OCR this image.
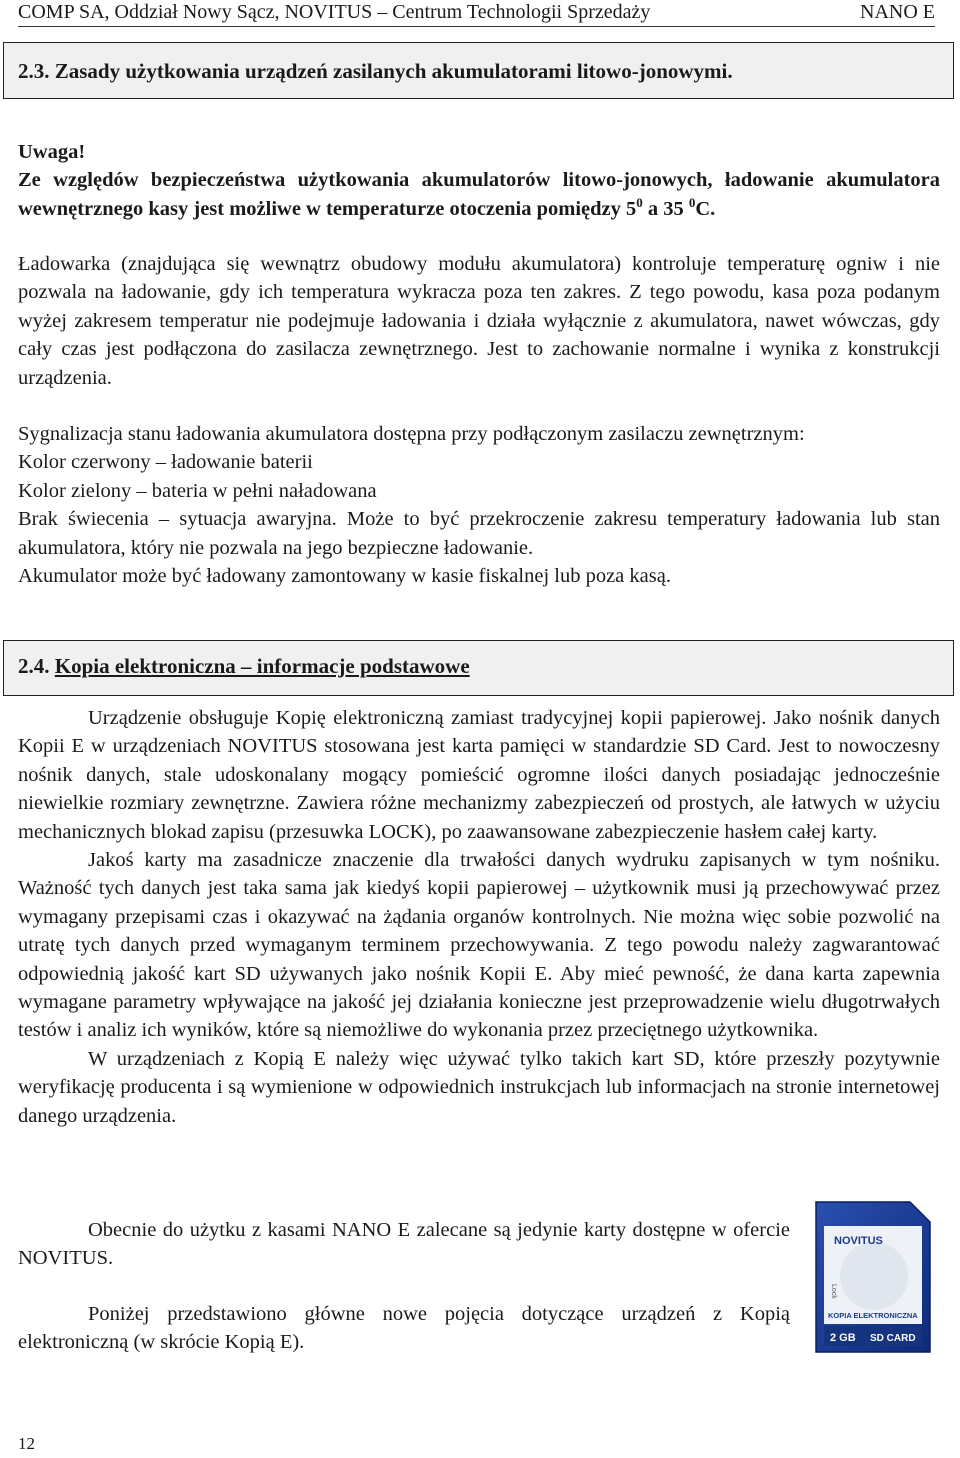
COMP SA, Oddział Nowy Sącz, NOVITUS – Centrum Technologii Sprzedaży	NANO E
2.3. Zasady użytkowania urządzeń zasilanych akumulatorami litowo-jonowymi.

Uwaga!

Ze względów bezpieczeństwa użytkowania akumulatorów litowo-jonowych, ładowanie akumulatora wewnętrznego kasy jest możliwe w temperaturze otoczenia pomiędzy $5^0$ a 35 $^0$C.

Ładowarka (znajdująca się wewnątrz obudowy modułu akumulatora) kontroluje temperaturę ogniw i nie pozwala na ładowanie, gdy ich temperatura wykracza poza ten zakres. Z tego powodu, kasa poza podanym wyżej zakresem temperatur nie podejmuje ładowania i działa wyłącznie z akumulatora, nawet wówczas, gdy cały czas jest podłączona do zasilacza zewnętrznego. Jest to zachowanie normalne i wynika z konstrukcji urządzenia.

Sygnalizacja stanu ładowania akumulatora dostępna przy podłączonym zasilaczu zewnętrznym:

Kolor czerwony – ładowanie baterii

Kolor zielony – bateria w pełni naładowana

Brak świecenia – sytuacja awaryjna. Może to być przekroczenie zakresu temperatury ładowania lub stan akumulatora, który nie pozwala na jego bezpieczne ładowanie.

Akumulator może być ładowany zamontowany w kasie fiskalnej lub poza kasą.

2.4. Kopia elektroniczna – informacje podstawowe

Urządzenie obsługuje Kopię elektroniczną zamiast tradycyjnej kopii papierowej. Jako nośnik danych Kopii E w urządzeniach NOVITUS stosowana jest karta pamięci w standardzie SD Card. Jest to nowoczesny nośnik danych, stale udoskonalany mogący pomieścić ogromne ilości danych posiadając jednocześnie niewielkie rozmiary zewnętrzne. Zawiera różne mechanizmy zabezpieczeń od prostych, ale łatwych w użyciu mechanicznych blokad zapisu (przesuwka LOCK), po zaawansowane zabezpieczenie hasłem całej karty.

Jakoś karty ma zasadnicze znaczenie dla trwałości danych wydruku zapisanych w tym nośniku. Ważność tych danych jest taka sama jak kiedyś kopii papierowej – użytkownik musi ją przechowywać przez wymagany przepisami czas i okazywać na żądania organów kontrolnych. Nie można więc sobie pozwolić na utratę tych danych przed wymaganym terminem przechowywania. Z tego powodu należy zagwarantować odpowiednią jakość kart SD używanych jako nośnik Kopii E. Aby mieć pewność, że dana karta zapewnia wymagane parametry wpływające na jakość jej działania konieczne jest przeprowadzenie wielu długotrwałych testów i analiz ich wyników, które są niemożliwe do wykonania przez przeciętnego użytkownika.

W urządzeniach z Kopią E należy więc używać tylko takich kart SD, które przeszły pozytywnie weryfikację producenta i są wymienione w odpowiednich instrukcjach lub informacjach na stronie internetowej danego urządzenia.

Obecnie do użytku z kasami NANO E zalecane są jedynie karty dostępne w ofercie NOVITUS.

Poniżej przedstawiono główne nowe pojęcia dotyczące urządzeń z Kopią elektroniczną (w skrócie Kopią E).

NOVITUS
Lock
KOPIA ELEKTRONICZNA
2 GB SD CARD
12
